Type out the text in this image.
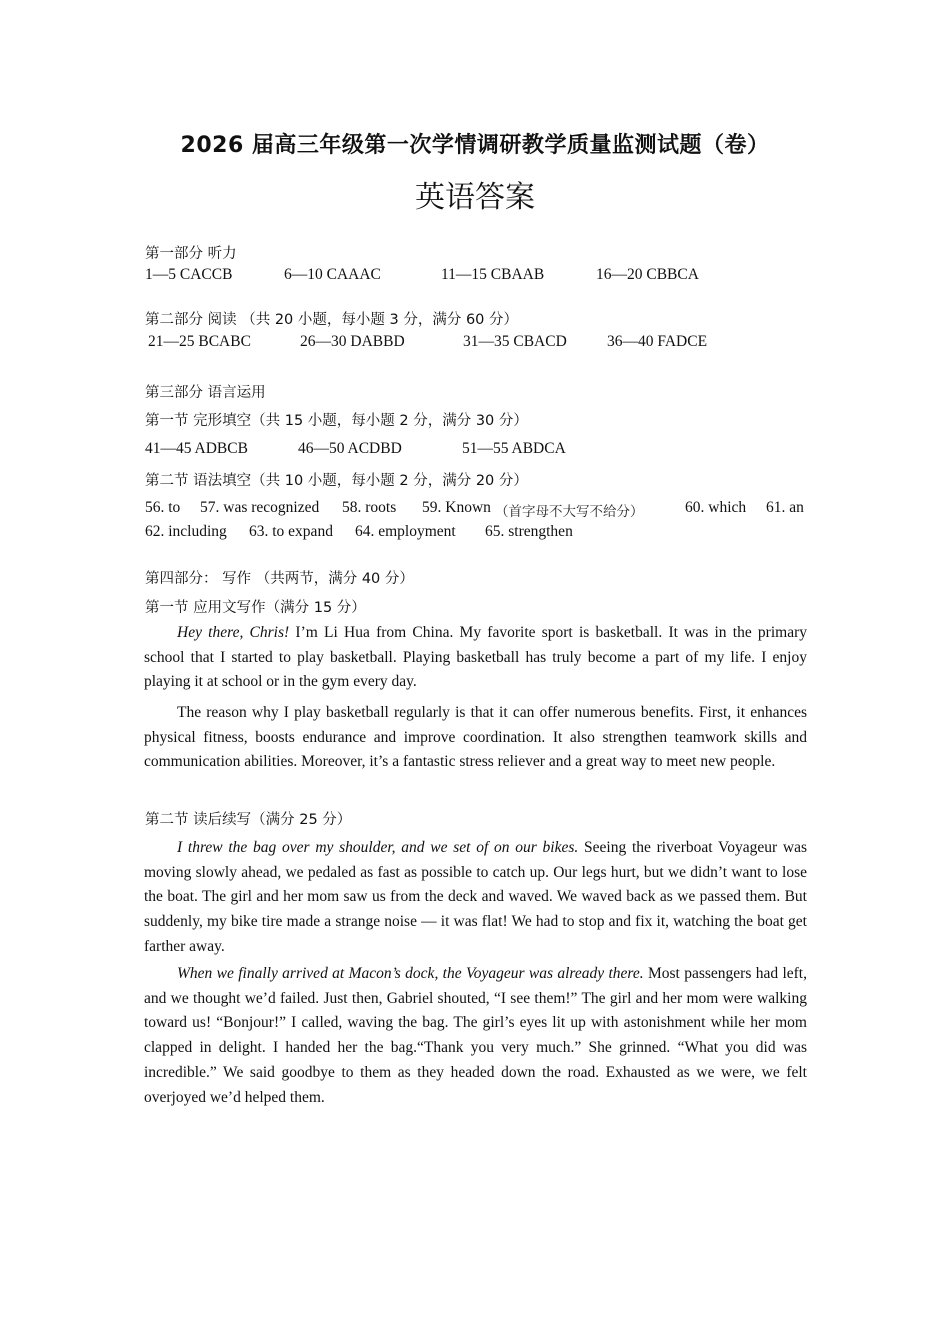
2026 届高三年级第一次学情调研教学质量监测试题（卷）
英语答案
第一部分 听力
1—5 CACCB	6—10 CAAAC	11—15 CBAAB	16—20 CBBCA
第二部分 阅读 （共 20 小题，每小题 3 分，满分 60 分）
21—25 BCABC	26—30 DABBD	31—35 CBACD	36—40 FADCE
第三部分 语言运用
第一节 完形填空（共 15 小题，每小题 2 分，满分 30 分）
41—45 ADBCB	46—50 ACDBD	51—55 ABDCA
第二节 语法填空（共 10 小题，每小题 2 分，满分 20 分）
56. to 57. was recognized 58. roots 59. Known （首字母不大写不给分）	60. which 61. an
62. including 63. to expand 64. employment 65. strengthen
第四部分： 写作 （共两节，满分 40 分）
第一节 应用文写作（满分 15 分）

Hey there, Chris! I’m Li Hua from China. My favorite sport is basketball. It was in the primary school that I started to play basketball. Playing basketball has truly become a part of my life. I enjoy playing it at school or in the gym every day.

The reason why I play basketball regularly is that it can offer numerous benefits. First, it enhances physical fitness, boosts endurance and improve coordination. It also strengthen teamwork skills and communication abilities. Moreover, it’s a fantastic stress reliever and a great way to meet new people.

第二节 读后续写（满分 25 分）

I threw the bag over my shoulder, and we set of on our bikes. Seeing the riverboat Voyageur was moving slowly ahead, we pedaled as fast as possible to catch up. Our legs hurt, but we didn’t want to lose the boat. The girl and her mom saw us from the deck and waved. We waved back as we passed them. But suddenly, my bike tire made a strange noise — it was flat! We had to stop and fix it, watching the boat get farther away.

When we finally arrived at Macon’s dock, the Voyageur was already there. Most passengers had left, and we thought we’d failed. Just then, Gabriel shouted, “I see them!” The girl and her mom were walking toward us! “Bonjour!” I called, waving the bag. The girl’s eyes lit up with astonishment while her mom clapped in delight. I handed her the bag.“Thank you very much.” She grinned. “What you did was incredible.” We said goodbye to them as they headed down the road. Exhausted as we were, we felt overjoyed we’d helped them.
